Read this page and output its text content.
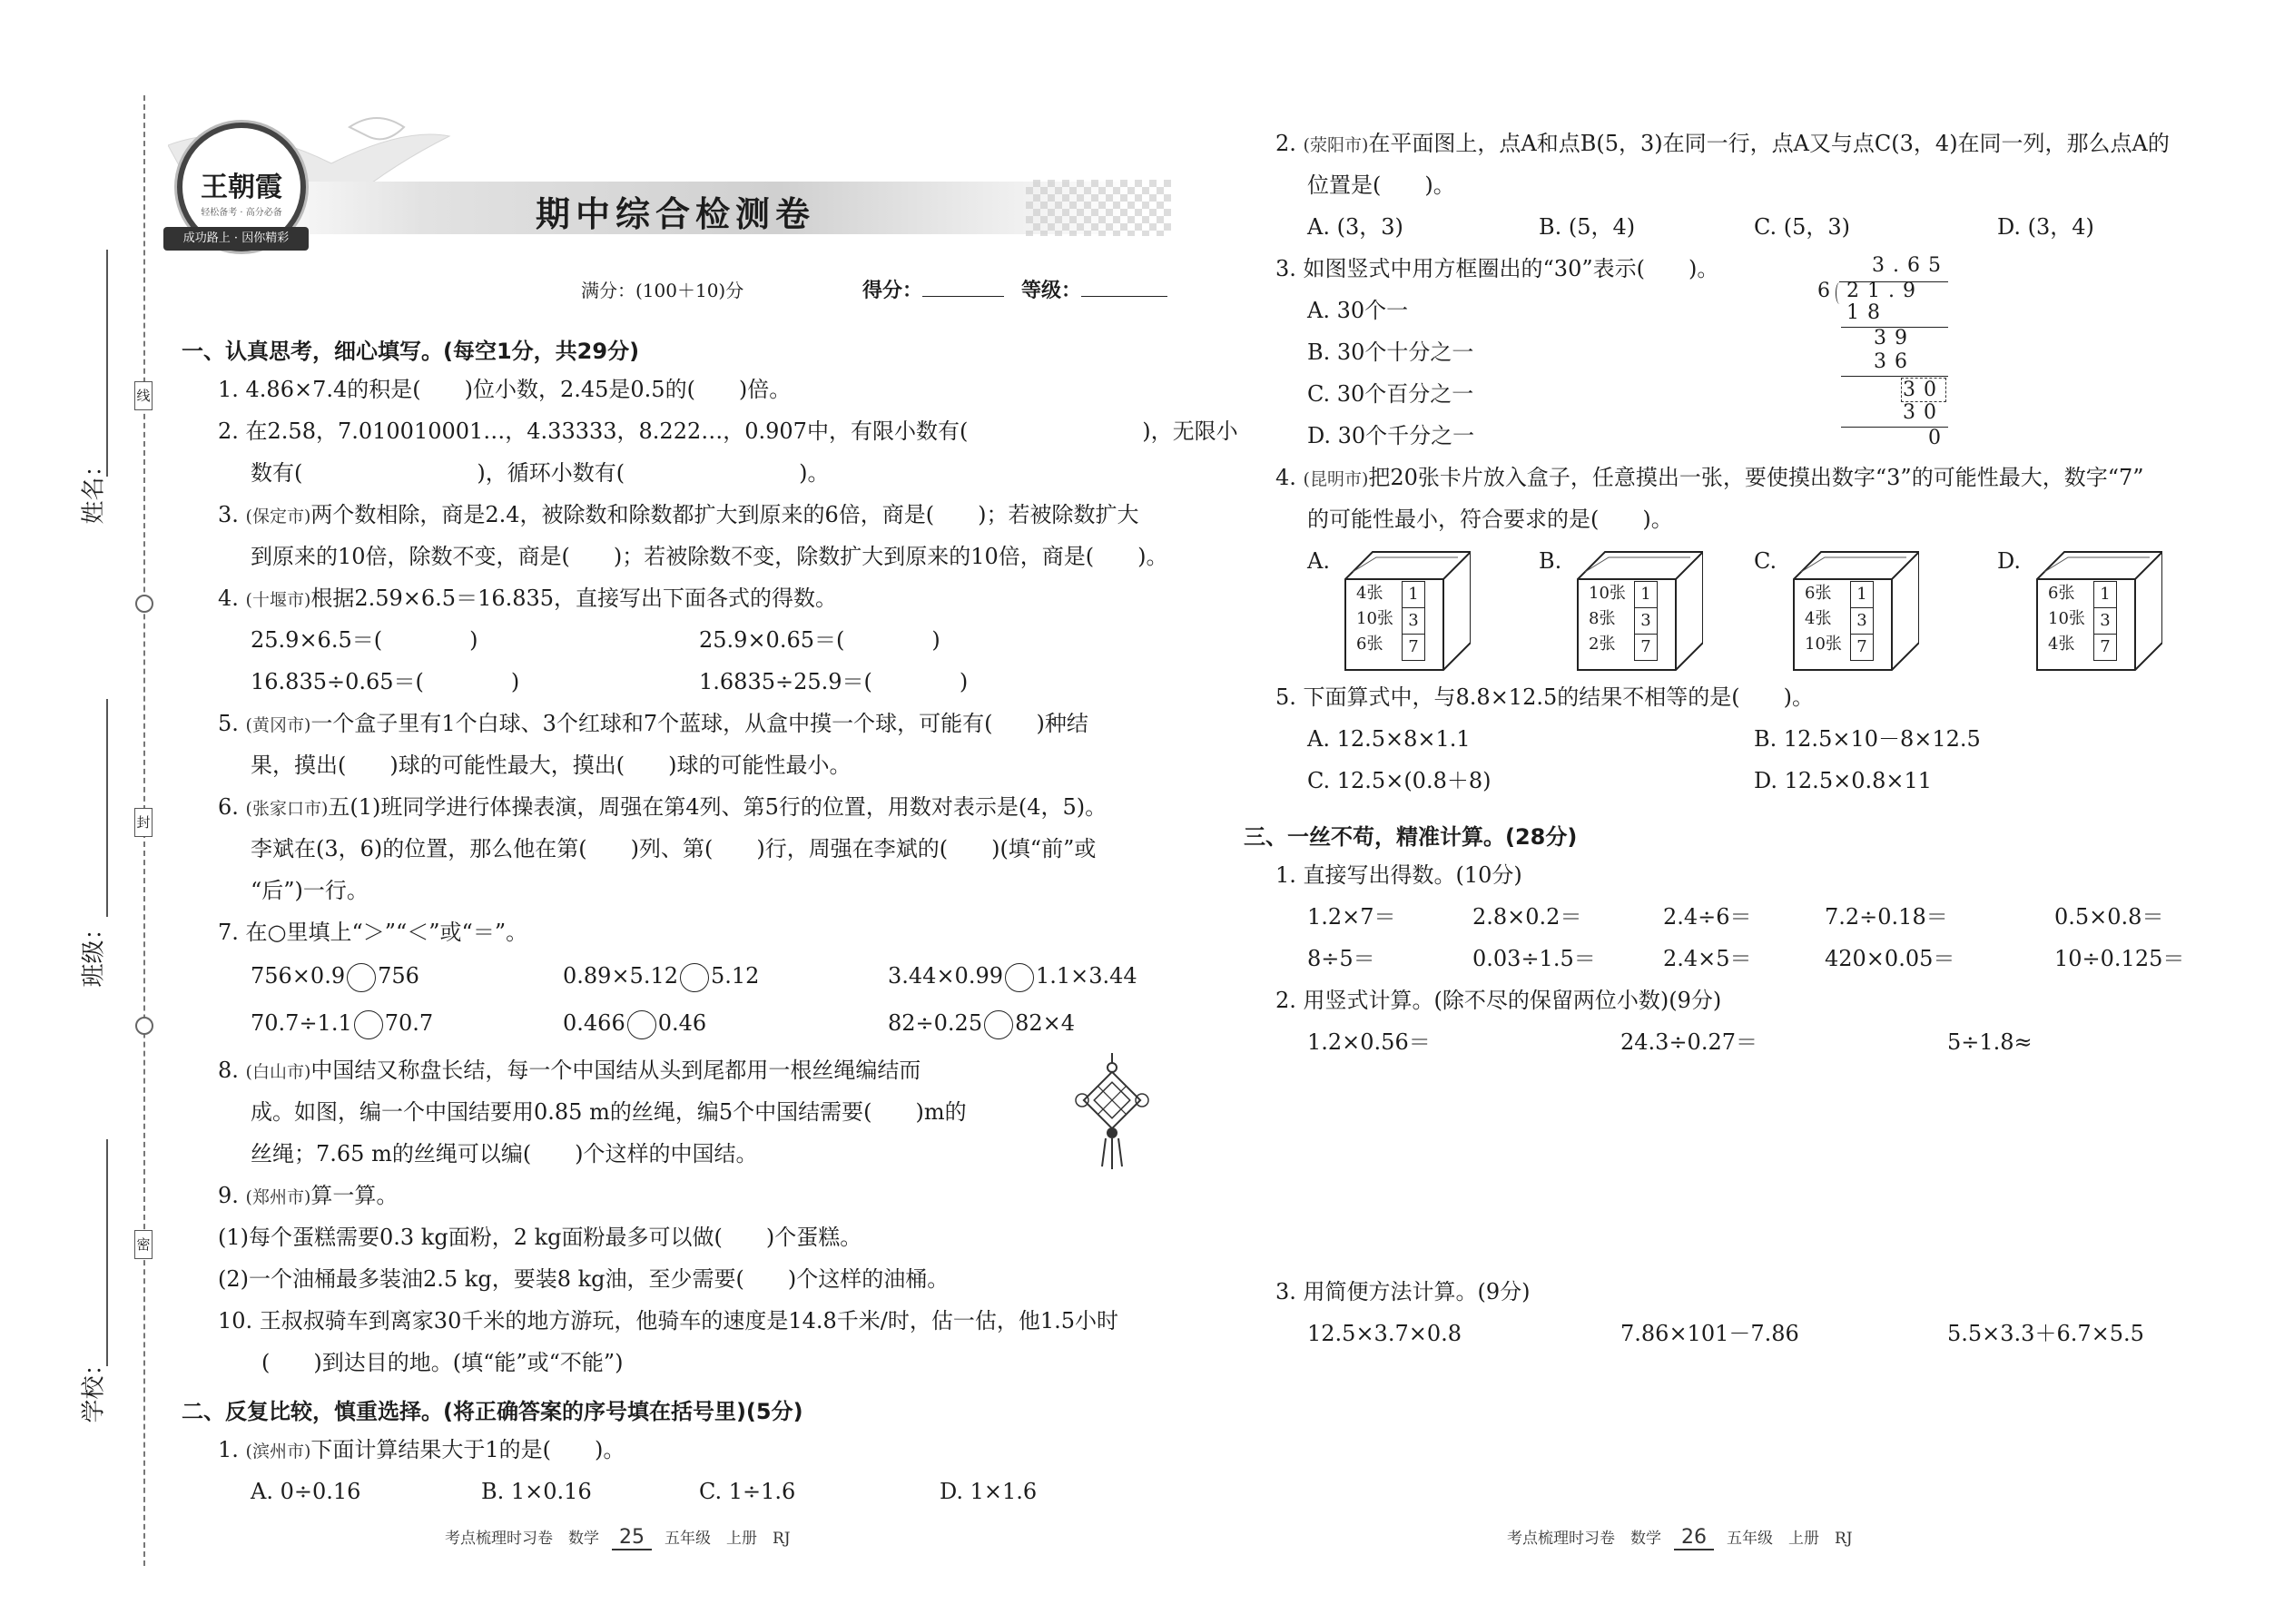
姓名：
班级：
学校：
线
封
密
王朝霞
轻松备考 · 高分必备
成功路上 · 因你精彩
期中综合检测卷
满分：(100＋10)分	得分：	等级：
一、认真思考，细心填写。(每空1分，共29分)
1. 4.86×7.4的积是(　　)位小数，2.45是0.5的(　　)倍。
2. 在2.58，7.010010001…，4.33333，8.222…，0.907中，有限小数有(　　　　　　　　)，无限小
数有(　　　　　　　　)，循环小数有(　　　　　　　　)。
3. (保定市)两个数相除，商是2.4，被除数和除数都扩大到原来的6倍，商是(　　)；若被除数扩大
到原来的10倍，除数不变，商是(　　)；若被除数不变，除数扩大到原来的10倍，商是(　　)。
4. (十堰市)根据2.59×6.5＝16.835，直接写出下面各式的得数。
25.9×6.5＝(　　　　)	25.9×0.65＝(　　　　)
16.835÷0.65＝(　　　　)	1.6835÷25.9＝(　　　　)
5. (黄冈市)一个盒子里有1个白球、3个红球和7个蓝球，从盒中摸一个球，可能有(　　)种结
果，摸出(　　)球的可能性最大，摸出(　　)球的可能性最小。
6. (张家口市)五(1)班同学进行体操表演，周强在第4列、第5行的位置，用数对表示是(4，5)。
李斌在(3，6)的位置，那么他在第(　　)列、第(　　)行，周强在李斌的(　　)(填“前”或
“后”)一行。
7. 在○里填上“＞”“＜”或“＝”。
756×0.9 756	0.89×5.12 5.12	3.44×0.99 1.1×3.44
70.7÷1.1 70.7	0.466 0.46	82÷0.25 82×4
8. (白山市)中国结又称盘长结，每一个中国结从头到尾都用一根丝绳编结而
成。如图，编一个中国结要用0.85 m的丝绳，编5个中国结需要(　　)m的
丝绳；7.65 m的丝绳可以编(　　)个这样的中国结。
9. (郑州市)算一算。
(1)每个蛋糕需要0.3 kg面粉，2 kg面粉最多可以做(　　)个蛋糕。
(2)一个油桶最多装油2.5 kg，要装8 kg油，至少需要(　　)个这样的油桶。
10. 王叔叔骑车到离家30千米的地方游玩，他骑车的速度是14.8千米/时，估一估，他1.5小时
(　　)到达目的地。(填“能”或“不能”)
二、反复比较，慎重选择。(将正确答案的序号填在括号里)(5分)
1. (滨州市)下面计算结果大于1的是(　　)。
A. 0÷0.16	B. 1×0.16	C. 1÷1.6	D. 1×1.6
考点梳理时习卷　数学 25 五年级　上册　RJ
2. (荥阳市)在平面图上，点A和点B(5，3)在同一行，点A又与点C(3，4)在同一列，那么点A的
位置是(　　)。
A. (3，3)	B. (5，4)	C. (5，3)	D. (3，4)
3. 如图竖式中用方框圈出的“30”表示(　　)。
A. 30个一
B. 30个十分之一
C. 30个百分之一
D. 30个千分之一
3.65
6 21.9
18
39
36
30
30
0
4. (昆明市)把20张卡片放入盒子，任意摸出一张，要使摸出数字“3”的可能性最大，数字“7”
的可能性最小，符合要求的是(　　)。
A.	B.	C.	D.
4张
10张
6张
1
3
7
10张
8张
2张
1
3
7
6张
4张
10张
1
3
7
6张
10张
4张
1
3
7
5. 下面算式中，与8.8×12.5的结果不相等的是(　　)。
A. 12.5×8×1.1	B. 12.5×10－8×12.5
C. 12.5×(0.8＋8)	D. 12.5×0.8×11
三、一丝不苟，精准计算。(28分)
1. 直接写出得数。(10分)
1.2×7＝	2.8×0.2＝	2.4÷6＝	7.2÷0.18＝	0.5×0.8＝
8÷5＝	0.03÷1.5＝	2.4×5＝	420×0.05＝	10÷0.125＝
2. 用竖式计算。(除不尽的保留两位小数)(9分)
1.2×0.56＝	24.3÷0.27＝	5÷1.8≈
3. 用简便方法计算。(9分)
12.5×3.7×0.8	7.86×101－7.86	5.5×3.3＋6.7×5.5
考点梳理时习卷　数学 26 五年级　上册　RJ
